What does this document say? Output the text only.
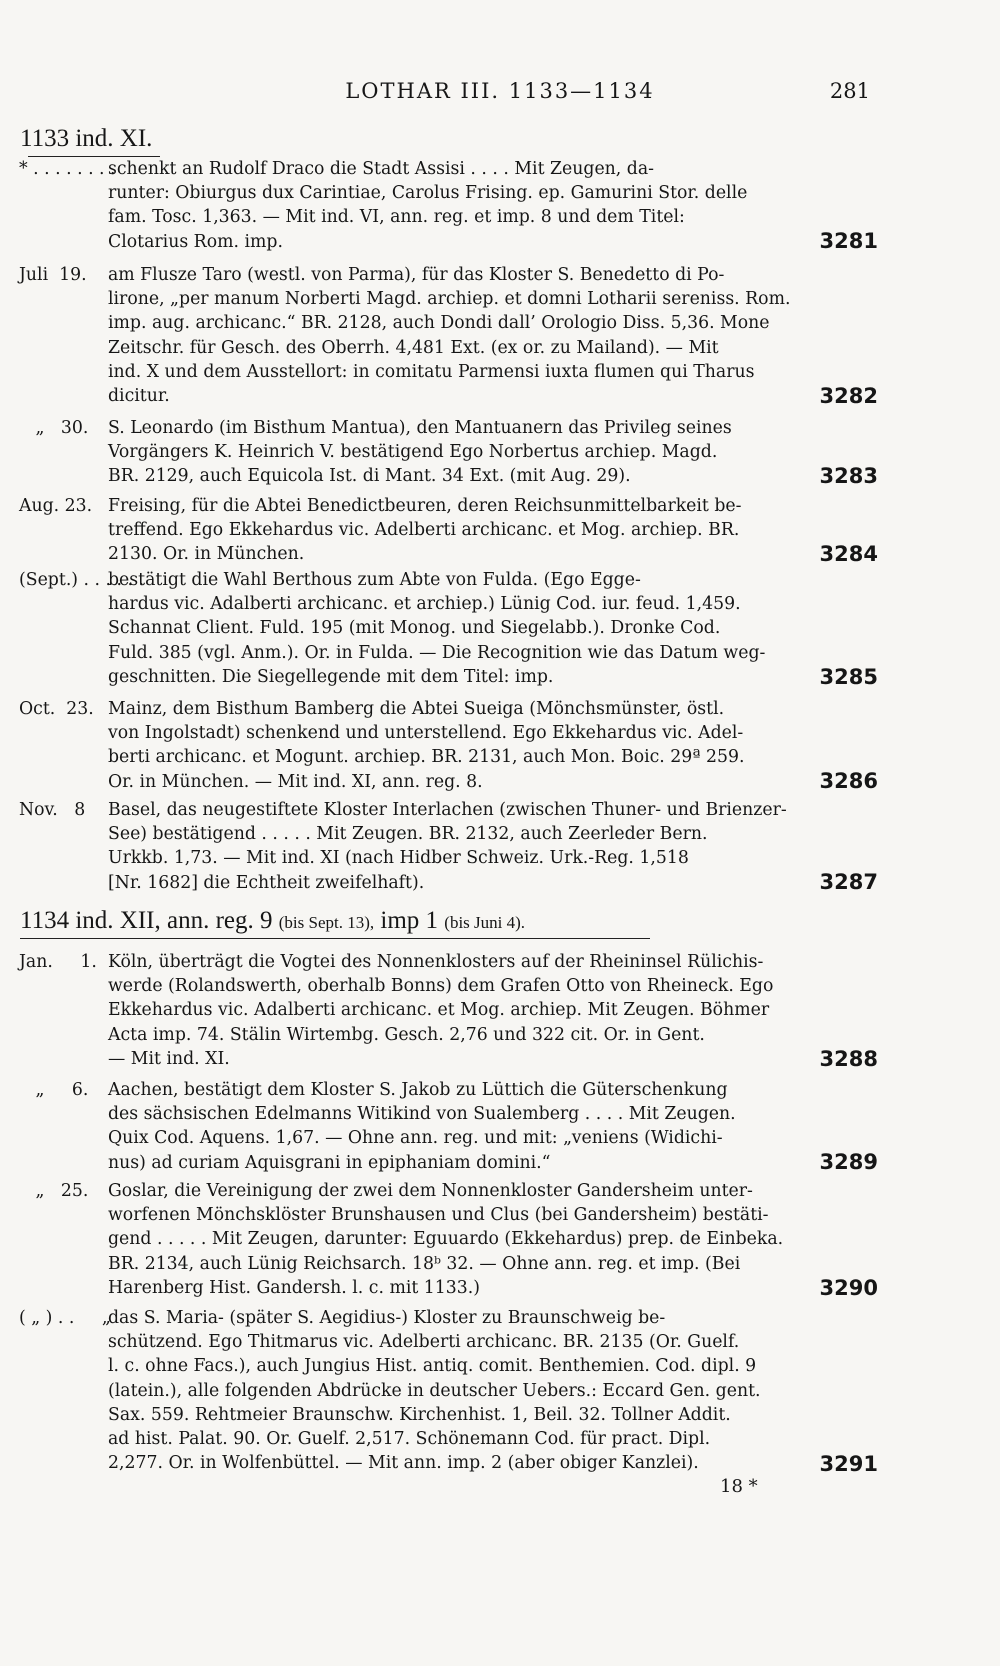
LOTHAR III. 1133—1134	281
1133 ind. XI.
* . . . . . . . .
schenkt an Rudolf Draco die Stadt Assisi . . . . Mit Zeugen, da-
runter: Obiurgus dux Carintiae, Carolus Frising. ep. Gamurini Stor. delle
fam. Tosc. 1,363. — Mit ind. VI, ann. reg. et imp. 8 und dem Titel:
Clotarius Rom. imp.	3281
Juli  19.	am Flusze Taro (westl. von Parma), für das Kloster S. Benedetto di Po-
lirone, „per manum Norberti Magd. archiep. et domni Lotharii sereniss. Rom.
imp. aug. archicanc.“ BR. 2128, auch Dondi dall’ Orologio Diss. 5,36. Mone
Zeitschr. für Gesch. des Oberrh. 4,481 Ext. (ex or. zu Mailand). — Mit
ind. X und dem Ausstellort: in comitatu Parmensi iuxta flumen qui Tharus
dicitur.	3282
„   30.	S. Leonardo (im Bisthum Mantua), den Mantuanern das Privileg seines
Vorgängers K. Heinrich V. bestätigend Ego Norbertus archiep. Magd.
BR. 2129, auch Equicola Ist. di Mant. 34 Ext. (mit Aug. 29).	3283
Aug. 23. Freising, für die Abtei Benedictbeuren, deren Reichsunmittelbarkeit be-
treffend. Ego Ekkehardus vic. Adelberti archicanc. et Mog. archiep. BR.
2130. Or. in München.	3284
(Sept.) . . . . . .
bestätigt die Wahl Berthous zum Abte von Fulda. (Ego Egge-
hardus vic. Adalberti archicanc. et archiep.) Lünig Cod. iur. feud. 1,459.
Schannat Client. Fuld. 195 (mit Monog. und Siegelabb.). Dronke Cod.
Fuld. 385 (vgl. Anm.). Or. in Fulda. — Die Recognition wie das Datum weg-
geschnitten. Die Siegellegende mit dem Titel: imp.	3285
Oct.  23. Mainz, dem Bisthum Bamberg die Abtei Sueiga (Mönchsmünster, östl.
von Ingolstadt) schenkend und unterstellend. Ego Ekkehardus vic. Adel-
berti archicanc. et Mogunt. archiep. BR. 2131, auch Mon. Boic. 29ª 259.
Or. in München. — Mit ind. XI, ann. reg. 8.	3286
Nov.   8	Basel, das neugestiftete Kloster Interlachen (zwischen Thuner- und Brienzer-
See) bestätigend . . . . . Mit Zeugen. BR. 2132, auch Zeerleder Bern.
Urkkb. 1,73. — Mit ind. XI (nach Hidber Schweiz. Urk.-Reg. 1,518
[Nr. 1682] die Echtheit zweifelhaft).	3287
1134 ind. XII, ann. reg. 9 (bis Sept. 13), imp 1 (bis Juni 4).
Jan.     1. Köln, überträgt die Vogtei des Nonnenklosters auf der Rheininsel Rülichis-
werde (Rolandswerth, oberhalb Bonns) dem Grafen Otto von Rheineck. Ego
Ekkehardus vic. Adalberti archicanc. et Mog. archiep. Mit Zeugen. Böhmer
Acta imp. 74. Stälin Wirtembg. Gesch. 2,76 und 322 cit. Or. in Gent.
— Mit ind. XI.	3288
„     6.	Aachen, bestätigt dem Kloster S. Jakob zu Lüttich die Güterschenkung
des sächsischen Edelmanns Witikind von Sualemberg . . . . Mit Zeugen.
Quix Cod. Aquens. 1,67. — Ohne ann. reg. und mit: „veniens (Widichi-
nus) ad curiam Aquisgrani in epiphaniam domini.“	3289
„   25.	Goslar, die Vereinigung der zwei dem Nonnenkloster Gandersheim unter-
worfenen Mönchsklöster Brunshausen und Clus (bei Gandersheim) bestäti-
gend . . . . . Mit Zeugen, darunter: Eguuardo (Ekkehardus) prep. de Einbeka.
BR. 2134, auch Lünig Reichsarch. 18ᵇ 32. — Ohne ann. reg. et imp. (Bei
Harenberg Hist. Gandersh. l. c. mit 1133.)	3290
( „ ) . .     „
das S. Maria- (später S. Aegidius-) Kloster zu Braunschweig be-
schützend. Ego Thitmarus vic. Adelberti archicanc. BR. 2135 (Or. Guelf.
l. c. ohne Facs.), auch Jungius Hist. antiq. comit. Benthemien. Cod. dipl. 9
(latein.), alle folgenden Abdrücke in deutscher Uebers.: Eccard Gen. gent.
Sax. 559. Rehtmeier Braunschw. Kirchenhist. 1, Beil. 32. Tollner Addit.
ad hist. Palat. 90. Or. Guelf. 2,517. Schönemann Cod. für pract. Dipl.
2,277. Or. in Wolfenbüttel. — Mit ann. imp. 2 (aber obiger Kanzlei).	3291
18 *
